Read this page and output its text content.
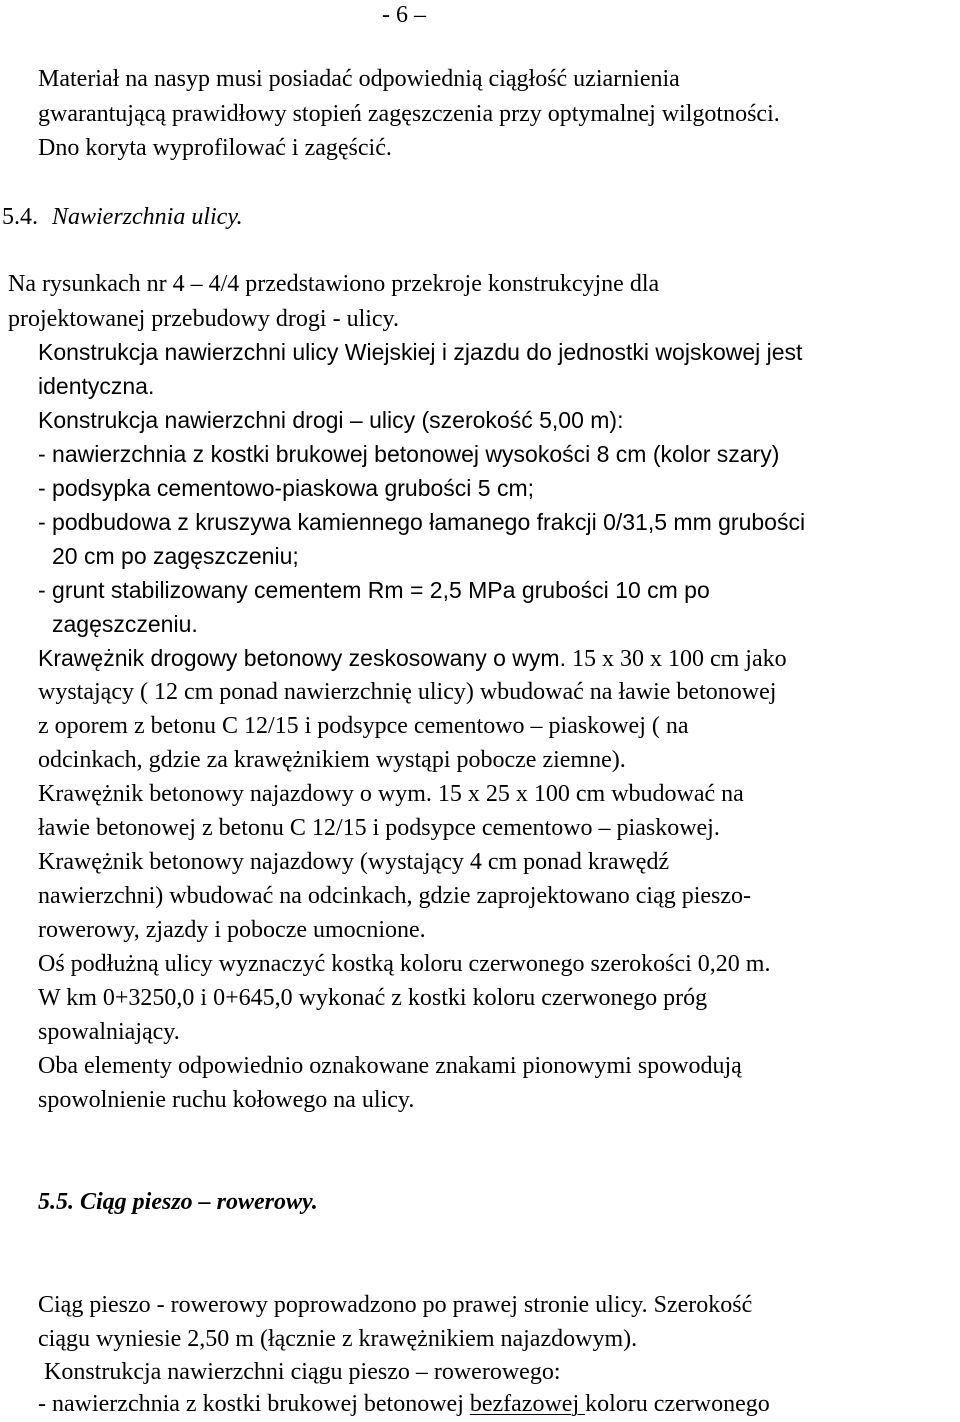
- 6 –
Materiał na nasyp musi posiadać odpowiednią ciągłość uziarnienia
gwarantującą prawidłowy stopień zagęszczenia przy optymalnej wilgotności.
Dno koryta wyprofilować i zagęścić.
5.4. Nawierzchnia ulicy.
Na rysunkach nr 4 – 4/4 przedstawiono przekroje konstrukcyjne dla
projektowanej przebudowy drogi - ulicy.
Konstrukcja nawierzchni ulicy Wiejskiej i zjazdu do jednostki wojskowej jest
identyczna.
Konstrukcja nawierzchni drogi – ulicy (szerokość 5,00 m):
- nawierzchnia z kostki brukowej betonowej wysokości 8 cm (kolor szary)
- podsypka cementowo-piaskowa grubości 5 cm;
- podbudowa z kruszywa kamiennego łamanego frakcji 0/31,5 mm grubości
20 cm po zagęszczeniu;
- grunt stabilizowany cementem Rm = 2,5 MPa grubości 10 cm po
zagęszczeniu.
Krawężnik drogowy betonowy zeskosowany o wym. 15 x 30 x 100 cm jako
wystający ( 12 cm ponad nawierzchnię ulicy) wbudować na ławie betonowej
z oporem z betonu C 12/15 i podsypce cementowo – piaskowej ( na
odcinkach, gdzie za krawężnikiem wystąpi pobocze ziemne).
Krawężnik betonowy najazdowy o wym. 15 x 25 x 100 cm wbudować na
ławie betonowej z betonu C 12/15 i podsypce cementowo – piaskowej.
Krawężnik betonowy najazdowy (wystający 4 cm ponad krawędź
nawierzchni) wbudować na odcinkach, gdzie zaprojektowano ciąg pieszo-
rowerowy, zjazdy i pobocze umocnione.
Oś podłużną ulicy wyznaczyć kostką koloru czerwonego szerokości 0,20 m.
W km 0+3250,0 i 0+645,0 wykonać z kostki koloru czerwonego próg
spowalniający.
Oba elementy odpowiednio oznakowane znakami pionowymi spowodują
spowolnienie ruchu kołowego na ulicy.
5.5. Ciąg pieszo – rowerowy.
Ciąg pieszo - rowerowy poprowadzono po prawej stronie ulicy. Szerokość
ciągu wyniesie 2,50 m (łącznie z krawężnikiem najazdowym).
Konstrukcja nawierzchni ciągu pieszo – rowerowego:
- nawierzchnia z kostki brukowej betonowej bezfazowej koloru czerwonego
